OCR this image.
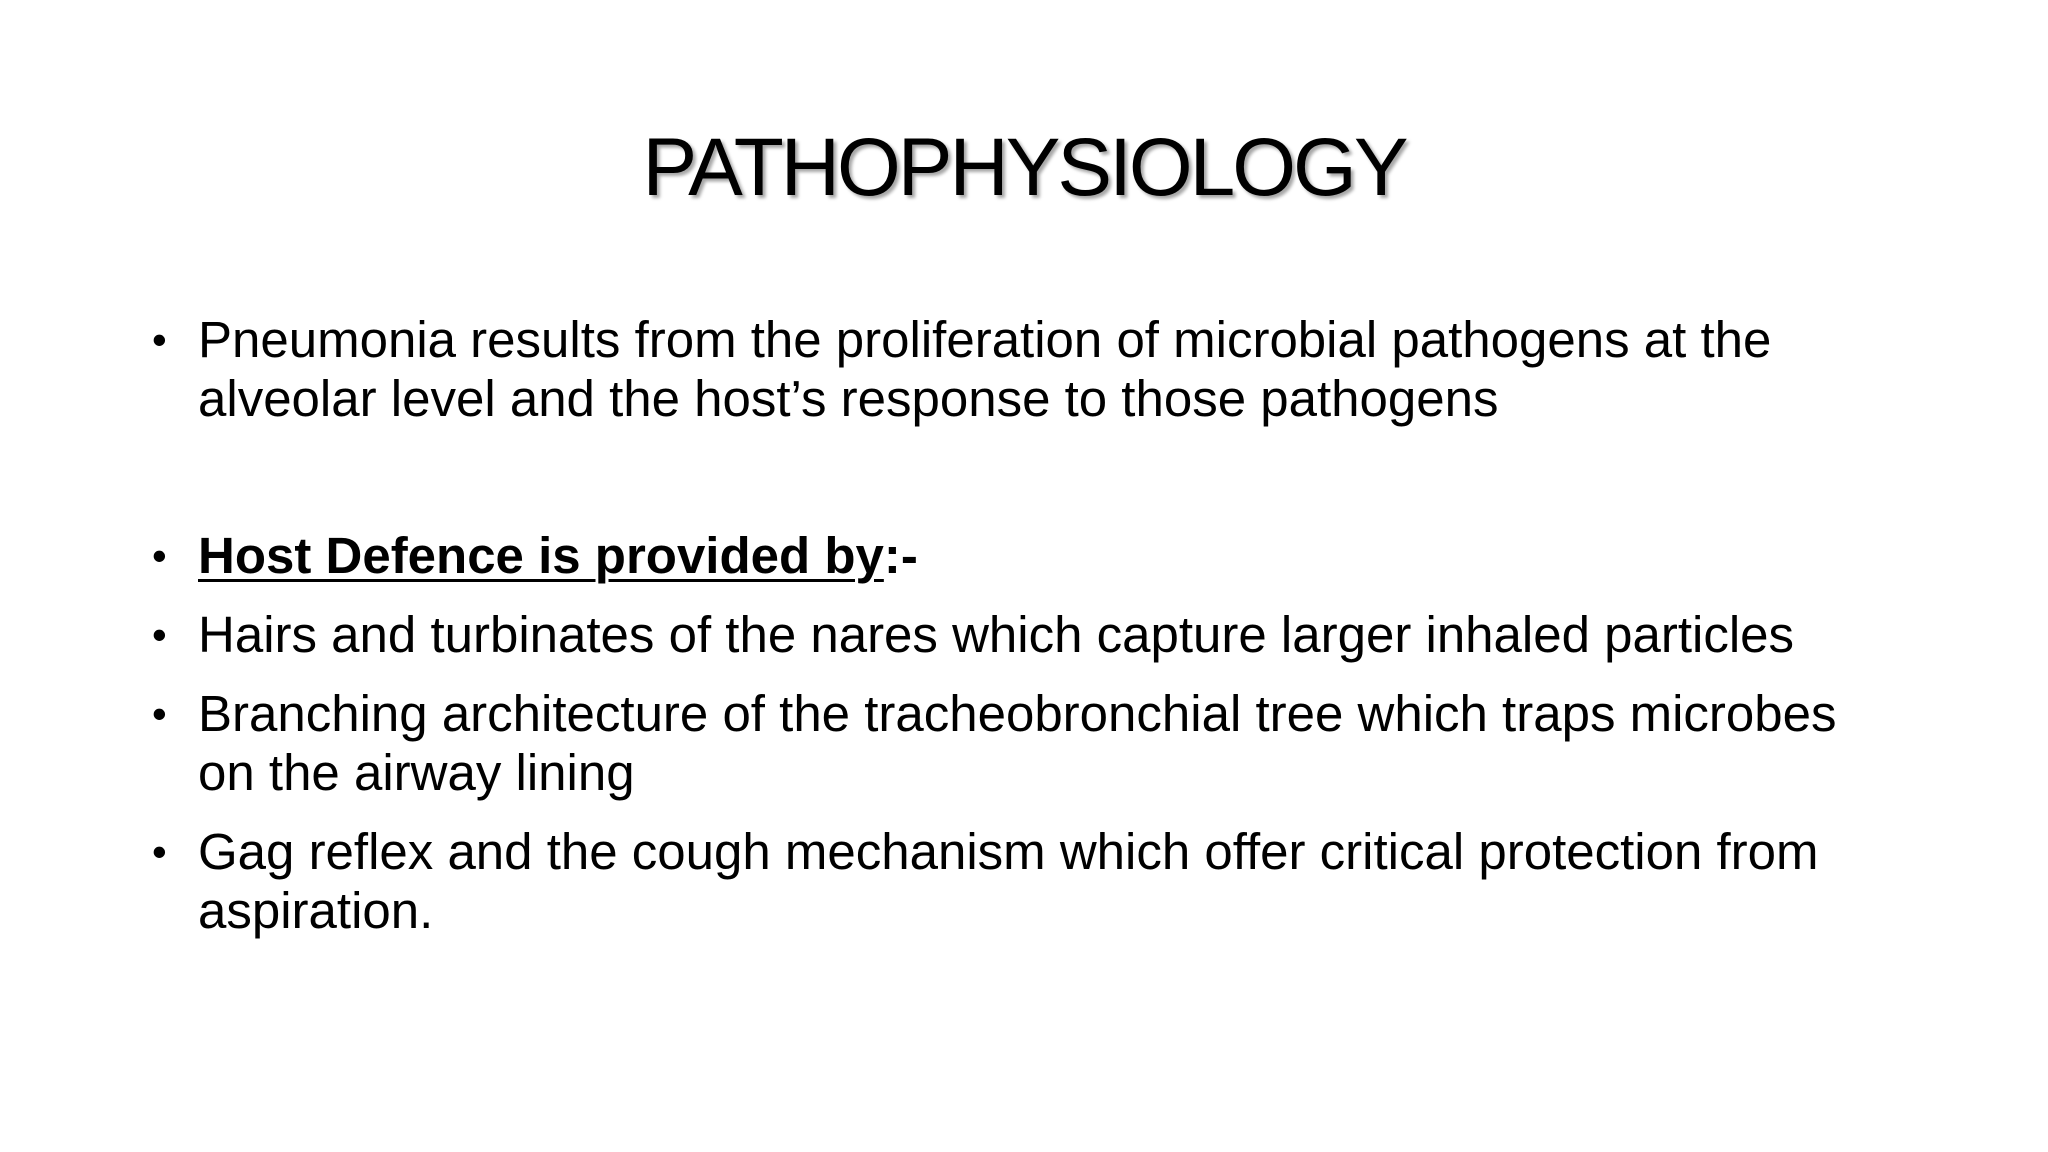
PATHOPHYSIOLOGY
• Pneumonia results from the proliferation of microbial pathogens at the alveolar level and the host’s response to those pathogens
• Host Defence is provided by:-
• Hairs and turbinates of the nares which capture larger inhaled particles
• Branching architecture of the tracheobronchial tree which traps microbes on the airway lining
• Gag reflex and the cough mechanism which offer critical protection from aspiration.
